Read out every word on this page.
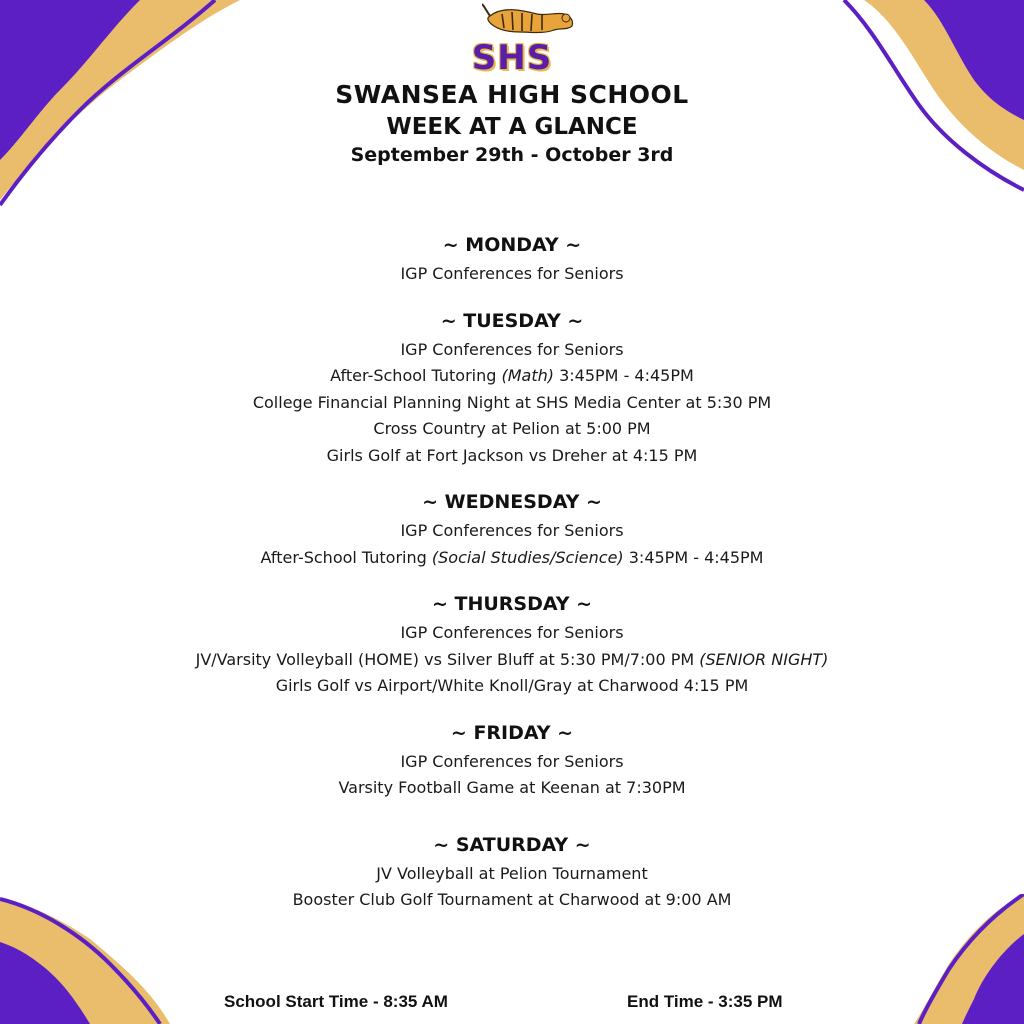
SHS
SWANSEA HIGH SCHOOL
WEEK AT A GLANCE
September 29th - October 3rd
~ MONDAY ~
IGP Conferences for Seniors
~ TUESDAY ~
IGP Conferences for Seniors
After-School Tutoring (Math) 3:45PM - 4:45PM
College Financial Planning Night at SHS Media Center at 5:30 PM
Cross Country at Pelion at 5:00 PM
Girls Golf at Fort Jackson vs Dreher at 4:15 PM
~ WEDNESDAY ~
IGP Conferences for Seniors
After-School Tutoring (Social Studies/Science) 3:45PM - 4:45PM
~ THURSDAY ~
IGP Conferences for Seniors
JV/Varsity Volleyball (HOME) vs Silver Bluff at 5:30 PM/7:00 PM (SENIOR NIGHT)
Girls Golf vs Airport/White Knoll/Gray at Charwood 4:15 PM
~ FRIDAY ~
IGP Conferences for Seniors
Varsity Football Game at Keenan at 7:30PM
~ SATURDAY ~
JV Volleyball at Pelion Tournament
Booster Club Golf Tournament at Charwood at 9:00 AM
School Start Time - 8:35 AM	End Time - 3:35 PM
